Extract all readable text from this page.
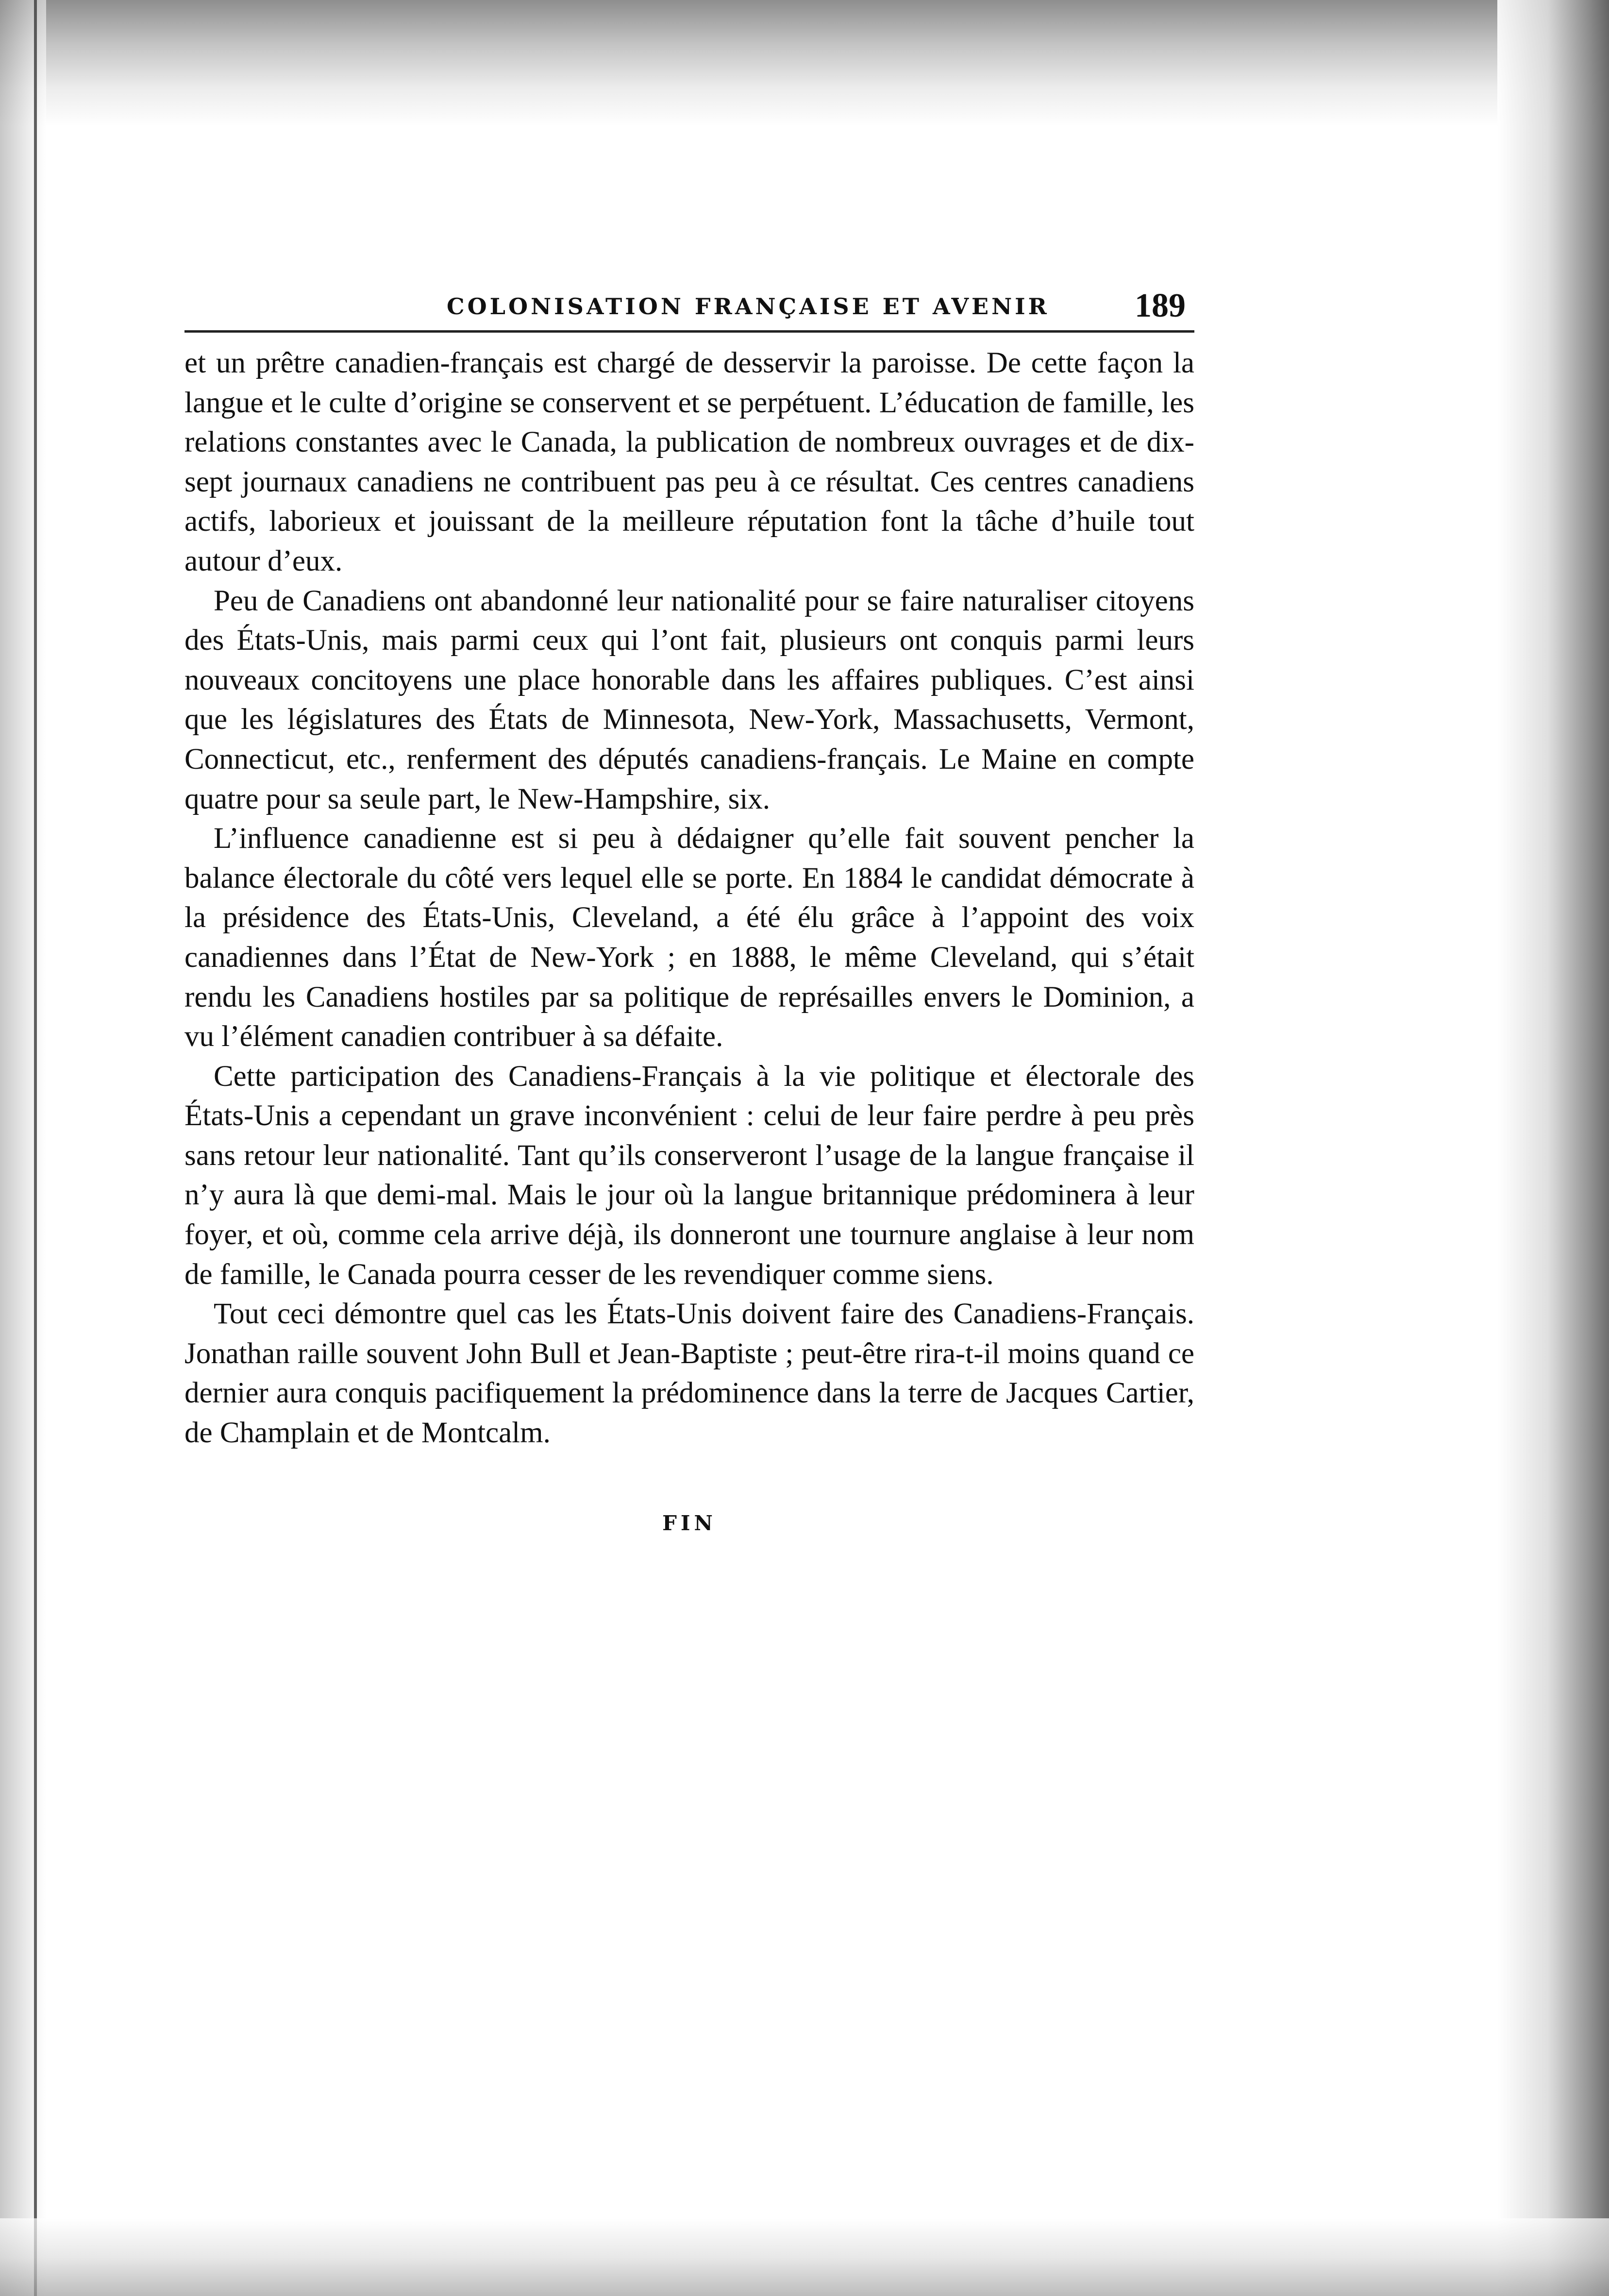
COLONISATION FRANÇAISE ET AVENIR	189

et un prêtre canadien-français est chargé de desservir la paroisse. De cette façon la langue et le culte d’origine se conservent et se perpétuent. L’éducation de famille, les relations constantes avec le Canada, la publication de nombreux ouvrages et de dix-sept journaux canadiens ne contribuent pas peu à ce résultat. Ces centres canadiens actifs, laborieux et jouissant de la meilleure réputation font la tâche d’huile tout autour d’eux.

Peu de Canadiens ont abandonné leur nationalité pour se faire naturaliser citoyens des États-Unis, mais parmi ceux qui l’ont fait, plusieurs ont conquis parmi leurs nouveaux concitoyens une place honorable dans les affaires publiques. C’est ainsi que les législatures des États de Minnesota, New-York, Massachusetts, Vermont, Connecticut, etc., renferment des députés canadiens-français. Le Maine en compte quatre pour sa seule part, le New-Hampshire, six.

L’influence canadienne est si peu à dédaigner qu’elle fait souvent pencher la balance électorale du côté vers lequel elle se porte. En 1884 le candidat démocrate à la présidence des États-Unis, Cleveland, a été élu grâce à l’appoint des voix canadiennes dans l’État de New-York ; en 1888, le même Cleveland, qui s’était rendu les Canadiens hostiles par sa politique de représailles envers le Dominion, a vu l’élément canadien contribuer à sa défaite.

Cette participation des Canadiens-Français à la vie politique et électorale des États-Unis a cependant un grave inconvénient : celui de leur faire perdre à peu près sans retour leur nationalité. Tant qu’ils conserveront l’usage de la langue française il n’y aura là que demi-mal. Mais le jour où la langue britannique prédominera à leur foyer, et où, comme cela arrive déjà, ils donneront une tournure anglaise à leur nom de famille, le Canada pourra cesser de les revendiquer comme siens.

Tout ceci démontre quel cas les États-Unis doivent faire des Canadiens-Français. Jonathan raille souvent John Bull et Jean-Baptiste ; peut-être rira-t-il moins quand ce dernier aura conquis pacifiquement la prédominence dans la terre de Jacques Cartier, de Champlain et de Montcalm.

FIN
